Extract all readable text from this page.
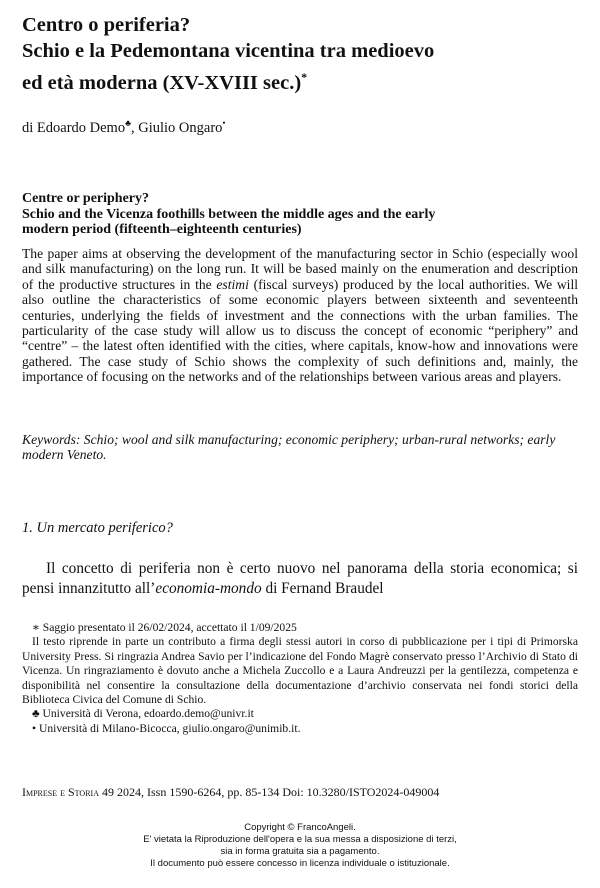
Centro o periferia?
Schio e la Pedemontana vicentina tra medioevo
ed età moderna (XV-XVIII sec.)*
di Edoardo Demo♣, Giulio Ongaro•
Centre or periphery?
Schio and the Vicenza foothills between the middle ages and the early
modern period (fifteenth–eighteenth centuries)

The paper aims at observing the development of the manufacturing sector in Schio (especially wool and silk manufacturing) on the long run. It will be based mainly on the enumeration and description of the productive structures in the estimi (fiscal surveys) produced by the local authorities. We will also outline the characteristics of some economic players between sixteenth and seventeenth centuries, underlying the fields of investment and the connections with the urban families. The particularity of the case study will allow us to discuss the concept of economic “periphery” and “centre” – the latest often identified with the cities, where capitals, know-how and innovations were gathered. The case study of Schio shows the complexity of such definitions and, mainly, the importance of focusing on the networks and of the relationships between various areas and players.

Keywords: Schio; wool and silk manufacturing; economic periphery; urban-rural networks; early modern Veneto.
1. Un mercato periferico?

Il concetto di periferia non è certo nuovo nel panorama della storia economica; si pensi innanzitutto all’economia-mondo di Fernand Braudel

∗ Saggio presentato il 26/02/2024, accettato il 1/09/2025

Il testo riprende in parte un contributo a firma degli stessi autori in corso di pubblicazione per i tipi di Primorska University Press. Si ringrazia Andrea Savio per l’indicazione del Fondo Magrè conservato presso l’Archivio di Stato di Vicenza. Un ringraziamento è dovuto anche a Michela Zuccollo e a Laura Andreuzzi per la gentilezza, competenza e disponibilità nel consentire la consultazione della documentazione d’archivio conservata nei fondi storici della Biblioteca Civica del Comune di Schio.

♣ Università di Verona, edoardo.demo@univr.it

• Università di Milano-Bicocca, giulio.ongaro@unimib.it.

Imprese e Storia 49 2024, Issn 1590-6264, pp. 85-134 Doi: 10.3280/ISTO2024-049004
Copyright © FrancoAngeli.
E' vietata la Riproduzione dell'opera e la sua messa a disposizione di terzi,
sia in forma gratuita sia a pagamento.
Il documento può essere concesso in licenza individuale o istituzionale.
